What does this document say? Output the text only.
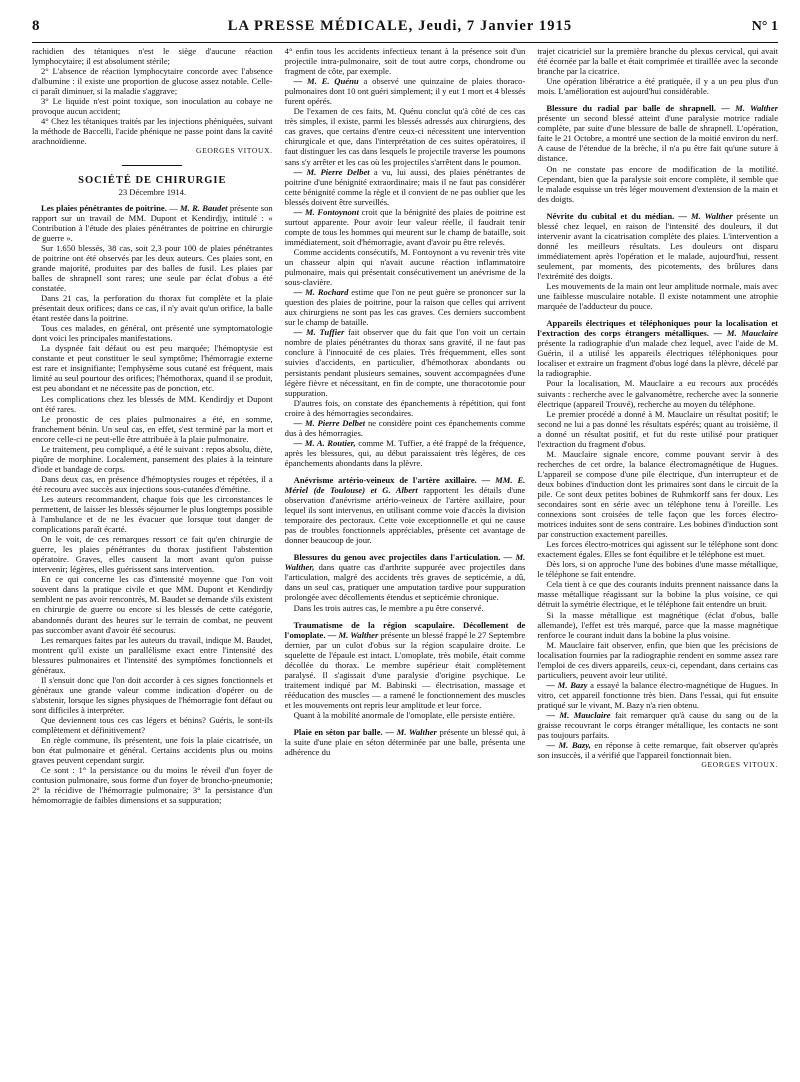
8	LA PRESSE MÉDICALE, Jeudi, 7 Janvier 1915	N° 1

rachidien des tétaniques n'est le siège d'aucune réaction lymphocytaire; il est absolument stérile;

2° L'absence de réaction lymphocytaire concorde avec l'absence d'albumine : il existe une proportion de glucose assez notable. Celle-ci paraît diminuer, si la maladie s'aggrave;

3° Le liquide n'est point toxique, son inoculation au cobaye ne provoque aucun accident;

4° Chez les tétaniques traités par les injections phéniquées, suivant la méthode de Baccelli, l'acide phénique ne passe point dans la cavité arachnoïdienne.

GEORGES VITOUX.

SOCIÉTÉ DE CHIRURGIE

23 Décembre 1914.

Les plaies pénétrantes de poitrine. — M. R. Baudet présente son rapport sur un travail de MM. Dupont et Kendirdjy, intitulé : « Contribution à l'étude des plaies pénétrantes de poitrine en chirurgie de guerre ».

Sur 1.650 blessés, 38 cas, soit 2,3 pour 100 de plaies pénétrantes de poitrine ont été observés par les deux auteurs. Ces plaies sont, en grande majorité, produites par des balles de fusil. Les plaies par balles de shrapnell sont rares; une seule par éclat d'obus a été constatée.

Dans 21 cas, la perforation du thorax fut complète et la plaie présentait deux orifices; dans ce cas, il n'y avait qu'un orifice, la balle étant restée dans la poitrine.

Tous ces malades, en général, ont présenté une symptomatologie dont voici les principales manifestations.

La dyspnée fait défaut ou est peu marquée; l'hémoptysie est constante et peut constituer le seul symptôme; l'hémorragie externe est rare et insignifiante; l'emphysème sous cutané est fréquent, mais limité au seul pourtour des orifices; l'hémothorax, quand il se produit, est peu abondant et ne nécessite pas de ponction, etc.

Les complications chez les blessés de MM. Kendirdjy et Dupont ont été rares.

Le pronostic de ces plaies pulmonaires a été, en somme, franchement bénin. Un seul cas, en effet, s'est terminé par la mort et encore celle-ci ne peut-elle être attribuée à la plaie pulmonaire.

Le traitement, peu compliqué, a été le suivant : repos absolu, diète, piqûre de morphine. Localement, pansement des plaies à la teinture d'iode et bandage de corps.

Dans deux cas, en présence d'hémoptysies rouges et répétées, il a été recouru avec succès aux injections sous-cutanées d'émétine.

Les auteurs recommandent, chaque fois que les circonstances le permettent, de laisser les blessés séjourner le plus longtemps possible à l'ambulance et de ne les évacuer que lorsque tout danger de complications paraît écarté.

On le voit, de ces remarques ressort ce fait qu'en chirurgie de guerre, les plaies pénétrantes du thorax justifient l'abstention opératoire. Graves, elles causent la mort avant qu'on puisse intervenir; légères, elles guérissent sans intervention.

En ce qui concerne les cas d'intensité moyenne que l'on voit souvent dans la pratique civile et que MM. Dupont et Kendirdjy semblent ne pas avoir rencontrés, M. Baudet se demande s'ils existent en chirurgie de guerre ou encore si les blessés de cette catégorie, abandonnés durant des heures sur le terrain de combat, ne peuvent pas succomber avant d'avoir été secourus.

Les remarques faites par les auteurs du travail, indique M. Baudet, montrent qu'il existe un parallélisme exact entre l'intensité des blessures pulmonaires et l'intensité des symptômes fonctionnels et généraux.

Il s'ensuit donc que l'on doit accorder à ces signes fonctionnels et généraux une grande valeur comme indication d'opérer ou de s'abstenir, lorsque les signes physiques de l'hémorragie font défaut ou sont difficiles à interpréter.

Que deviennent tous ces cas légers et bénins? Guéris, le sont-ils complètement et définitivement?

En règle commune, ils présentent, une fois la plaie cicatrisée, un bon état pulmonaire et général. Certains accidents plus ou moins graves peuvent cependant surgir.

Ce sont : 1° la persistance ou du moins le réveil d'un foyer de contusion pulmonaire, sous forme d'un foyer de broncho-pneumonie; 2° la récidive de l'hémorragie pulmonaire; 3° la persistance d'un hémomorragie de faibles dimensions et sa suppuration;

4° enfin tous les accidents infectieux tenant à la présence soit d'un projectile intra-pulmonaire, soit de tout autre corps, chondrome ou fragment de côte, par exemple.

— M. E. Quénu a observé une quinzaine de plaies thoraco-pulmonaires dont 10 ont guéri simplement; il y eut 1 mort et 4 blessés furent opérés.

De l'examen de ces faits, M. Quénu conclut qu'à côté de ces cas très simples, il existe, parmi les blessés adressés aux chirurgiens, des cas graves, que certains d'entre ceux-ci nécessitent une intervention chirurgicale et que, dans l'interprétation de ces suites opératoires, il faut distinguer les cas dans lesquels le projectile traverse les poumons sans s'y arrêter et les cas où les projectiles s'arrêtent dans le poumon.

— M. Pierre Delbet a vu, lui aussi, des plaies pénétrantes de poitrine d'une bénignité extraordinaire; mais il ne faut pas considérer cette bénignité comme la règle et il convient de ne pas oublier que les blessés doivent être surveillés.

— M. Fontoynont croit que la bénignité des plaies de poitrine est surtout apparente. Pour avoir leur valeur réelle, il faudrait tenir compte de tous les hommes qui meurent sur le champ de bataille, soit immédiatement, soit d'hémorragie, avant d'avoir pu être relevés.

Comme accidents consécutifs, M. Fontoynont a vu revenir très vite un chasseur alpin qui n'avait aucune réaction inflammatoire pulmonaire, mais qui présentait consécutivement un anévrisme de la sous-clavière.

— M. Rochard estime que l'on ne peut guère se prononcer sur la question des plaies de poitrine, pour la raison que celles qui arrivent aux chirurgiens ne sont pas les cas graves. Ces derniers succombent sur le champ de bataille.

— M. Tuffier fait observer que du fait que l'on voit un certain nombre de plaies pénétrantes du thorax sans gravité, il ne faut pas conclure à l'innocuité de ces plaies. Très fréquemment, elles sont suivies d'accidents, en particulier, d'hémothorax abondants ou persistants pendant plusieurs semaines, souvent accompagnées d'une légère fièvre et nécessitant, en fin de compte, une thoracotomie pour suppuration.

D'autres fois, on constate des épanchements à répétition, qui font croire à des hémorragies secondaires.

— M. Pierre Delbet ne considère point ces épanchements comme dus à des hémorragies.

— M. A. Routier, comme M. Tuffier, a été frappé de la fréquence, après les blessures, qui, au début paraissaient très légères, de ces épanchements abondants dans la plèvre.

Anévrisme artério-veineux de l'artère axillaire. — MM. E. Mériel (de Toulouse) et G. Albert rapportent les détails d'une observation d'anévrisme artério-veineux de l'artère axillaire, pour lequel ils sont intervenus, en utilisant comme voie d'accès la division temporaire des pectoraux. Cette voie exceptionnelle et qui ne cause pas de troubles fonctionnels appréciables, présente cet avantage de donner beaucoup de jour.

Blessures du genou avec projectiles dans l'articulation. — M. Walther, dans quatre cas d'arthrite suppurée avec projectiles dans l'articulation, malgré des accidents très graves de septicémie, a dû, dans un seul cas, pratiquer une amputation tardive pour suppuration prolongée avec décollements étendus et septicémie chronique.

Dans les trois autres cas, le membre a pu être conservé.

Traumatisme de la région scapulaire. Décollement de l'omoplate. — M. Walther présente un blessé frappé le 27 Septembre dernier, par un culot d'obus sur la région scapulaire droite. Le squelette de l'épaule est intact. L'omoplate, très mobile, était comme décollée du thorax. Le membre supérieur était complètement paralysé. Il s'agissait d'une paralysie d'origine psychique. Le traitement indiqué par M. Babinski — électrisation, massage et rééducation des muscles — a ramené le fonctionnement des muscles et les mouvements ont repris leur amplitude et leur force.

Quant à la mobilité anormale de l'omoplate, elle persiste entière.

Plaie en séton par balle. — M. Walther présente un blessé qui, à la suite d'une plaie en séton déterminée par une balle, présenta une adhérence du

trajet cicatriciel sur la première branche du plexus cervical, qui avait été écornée par la balle et était comprimée et tiraillée avec la seconde branche par la cicatrice.

Une opération libératrice a été pratiquée, il y a un peu plus d'un mois. L'amélioration est aujourd'hui considérable.

Blessure du radial par balle de shrapnell. — M. Walther présente un second blessé atteint d'une paralysie motrice radiale complète, par suite d'une blessure de balle de shrapnell. L'opération, faite le 21 Octobre, a montré une section de la moitié environ du nerf. A cause de l'étendue de la brèche, il n'a pu être fait qu'une suture à distance.

On ne constate pas encore de modification de la motilité. Cependant, bien que la paralysie soit encore complète, il semble que le malade esquisse un très léger mouvement d'extension de la main et des doigts.

Névrite du cubital et du médian. — M. Walther présente un blessé chez lequel, en raison de l'intensité des douleurs, il dut intervenir avant la cicatrisation complète des plaies. L'intervention a donné les meilleurs résultats. Les douleurs ont disparu immédiatement après l'opération et le malade, aujourd'hui, ressent seulement, par moments, des picotements, des brûlures dans l'extrémité des doigts.

Les mouvements de la main ont leur amplitude normale, mais avec une faiblesse musculaire notable. Il existe notamment une atrophie marquée de l'adducteur du pouce.

Appareils électriques et téléphoniques pour la localisation et l'extraction des corps étrangers métalliques. — M. Mauclaire présente la radiographie d'un malade chez lequel, avec l'aide de M. Guérin, il a utilisé les appareils électriques téléphoniques pour localiser et extraire un fragment d'obus logé dans la plèvre, décelé par la radiographie.

Pour la localisation, M. Mauclaire a eu recours aux procédés suivants : recherche avec le galvanomètre, recherche avec la sonnerie électrique (appareil Trouvé), recherche au moyen du téléphone.

Le premier procédé a donné à M. Mauclaire un résultat positif; le second ne lui a pas donné les résultats espérés; quant au troisième, il a donné un résultat positif, et fut du reste utilisé pour pratiquer l'extraction du fragment d'obus.

M. Mauclaire signale encore, comme pouvant servir à des recherches de cet ordre, la balance électromagnétique de Hugues. L'appareil se compose d'une pile électrique, d'un interrupteur et de deux bobines d'induction dont les primaires sont dans le circuit de la pile. Ce sont deux petites bobines de Ruhmkorff sans fer doux. Les secondaires sont en série avec un téléphone tenu à l'oreille. Les connexions sont croisées de telle façon que les forces électro-motrices induites sont de sens contraire. Les bobines d'induction sont par construction exactement pareilles.

Les forces électro-motrices qui agissent sur le téléphone sont donc exactement égales. Elles se font équilibre et le téléphone est muet.

Dès lors, si on approche l'une des bobines d'une masse métallique, le téléphone se fait entendre.

Cela tient à ce que des courants induits prennent naissance dans la masse métallique réagissant sur la bobine la plus voisine, ce qui détruit la symétrie électrique, et le téléphone fait entendre un bruit.

Si la masse métallique est magnétique (éclat d'obus, balle allemande), l'effet est très marqué, parce que la masse magnétique renforce le courant induit dans la bobine la plus voisine.

M. Mauclaire fait observer, enfin, que bien que les précisions de localisation fournies par la radiographie rendent en somme assez rare l'emploi de ces divers appareils, ceux-ci, cependant, dans certains cas particuliers, peuvent avoir leur utilité.

— M. Bazy a essayé la balance électro-magnétique de Hugues. In vitro, cet appareil fonctionne très bien. Dans l'essai, qui fut ensuite pratiqué sur le vivant, M. Bazy n'a rien obtenu.

— M. Mauclaire fait remarquer qu'à cause du sang ou de la graisse recouvrant le corps étranger métallique, les contacts ne sont pas toujours parfaits.

— M. Bazy, en réponse à cette remarque, fait observer qu'après son insuccès, il a vérifié que l'appareil fonctionnait bien.

GEORGES VITOUX.
